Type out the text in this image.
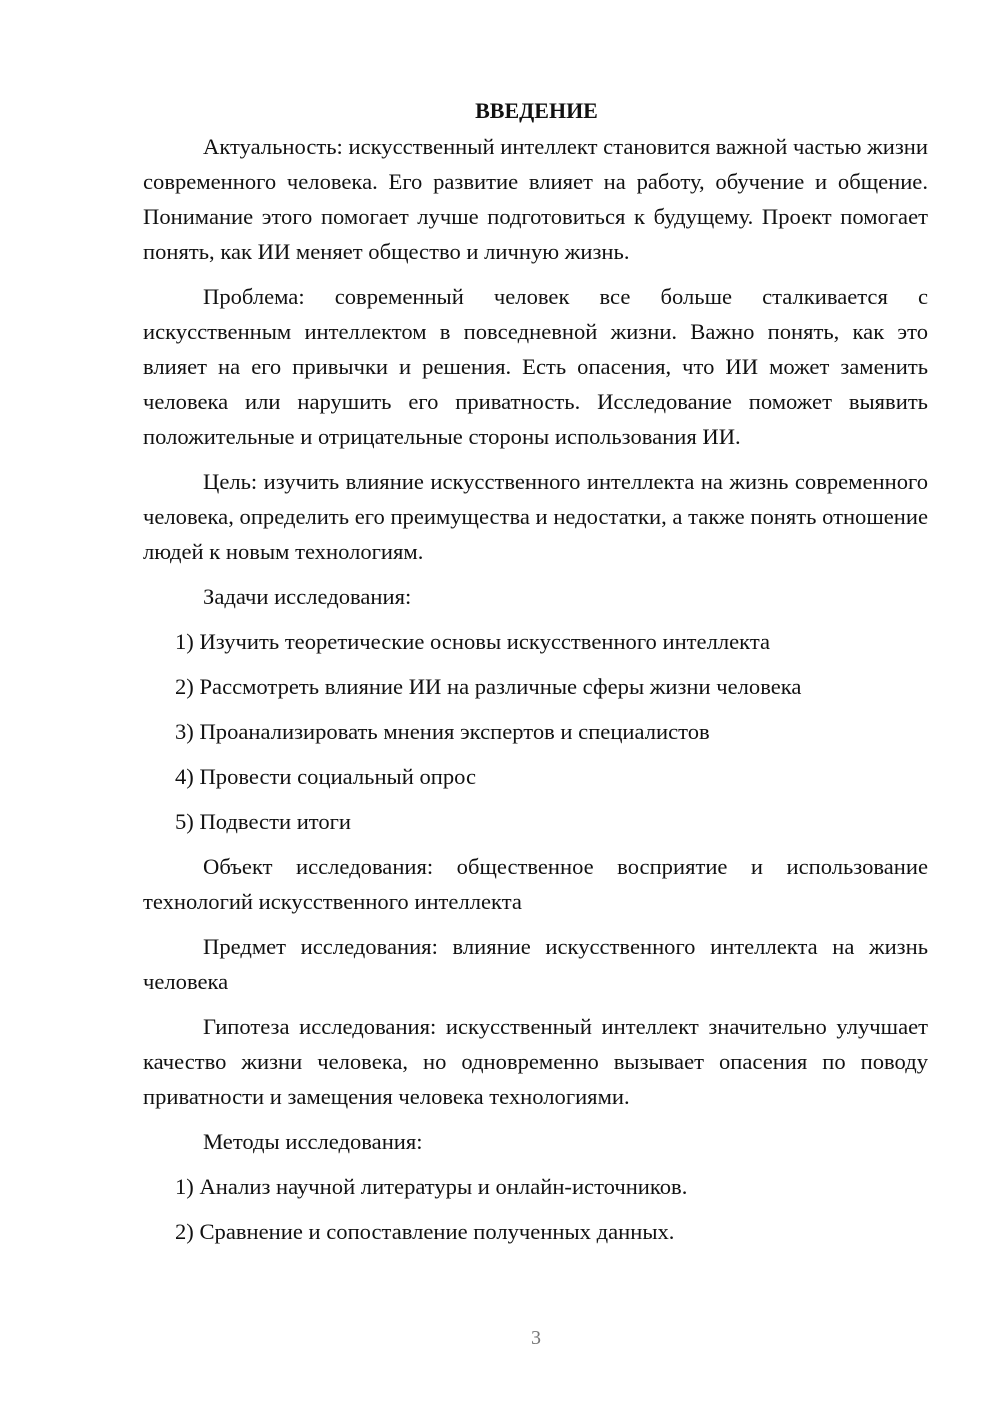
ВВЕДЕНИЕ

Актуальность: искусственный интеллект становится важной частью жизни современного человека. Его развитие влияет на работу, обучение и общение. Понимание этого помогает лучше подготовиться к будущему. Проект помогает понять, как ИИ меняет общество и личную жизнь.

Проблема: современный человек все больше сталкивается с искусственным интеллектом в повседневной жизни. Важно понять, как это влияет на его привычки и решения. Есть опасения, что ИИ может заменить человека или нарушить его приватность. Исследование поможет выявить положительные и отрицательные стороны использования ИИ.

Цель: изучить влияние искусственного интеллекта на жизнь современного человека, определить его преимущества и недостатки, а также понять отношение людей к новым технологиям.

Задачи исследования:

1) Изучить теоретические основы искусственного интеллекта

2) Рассмотреть влияние ИИ на различные сферы жизни человека

3) Проанализировать мнения экспертов и специалистов

4) Провести социальный опрос

5) Подвести итоги

Объект исследования: общественное восприятие и использование технологий искусственного интеллекта

Предмет исследования: влияние искусственного интеллекта на жизнь человека

Гипотеза исследования: искусственный интеллект значительно улучшает качество жизни человека, но одновременно вызывает опасения по поводу приватности и замещения человека технологиями.

Методы исследования:

1) Анализ научной литературы и онлайн-источников.

2) Сравнение и сопоставление полученных данных.

3
